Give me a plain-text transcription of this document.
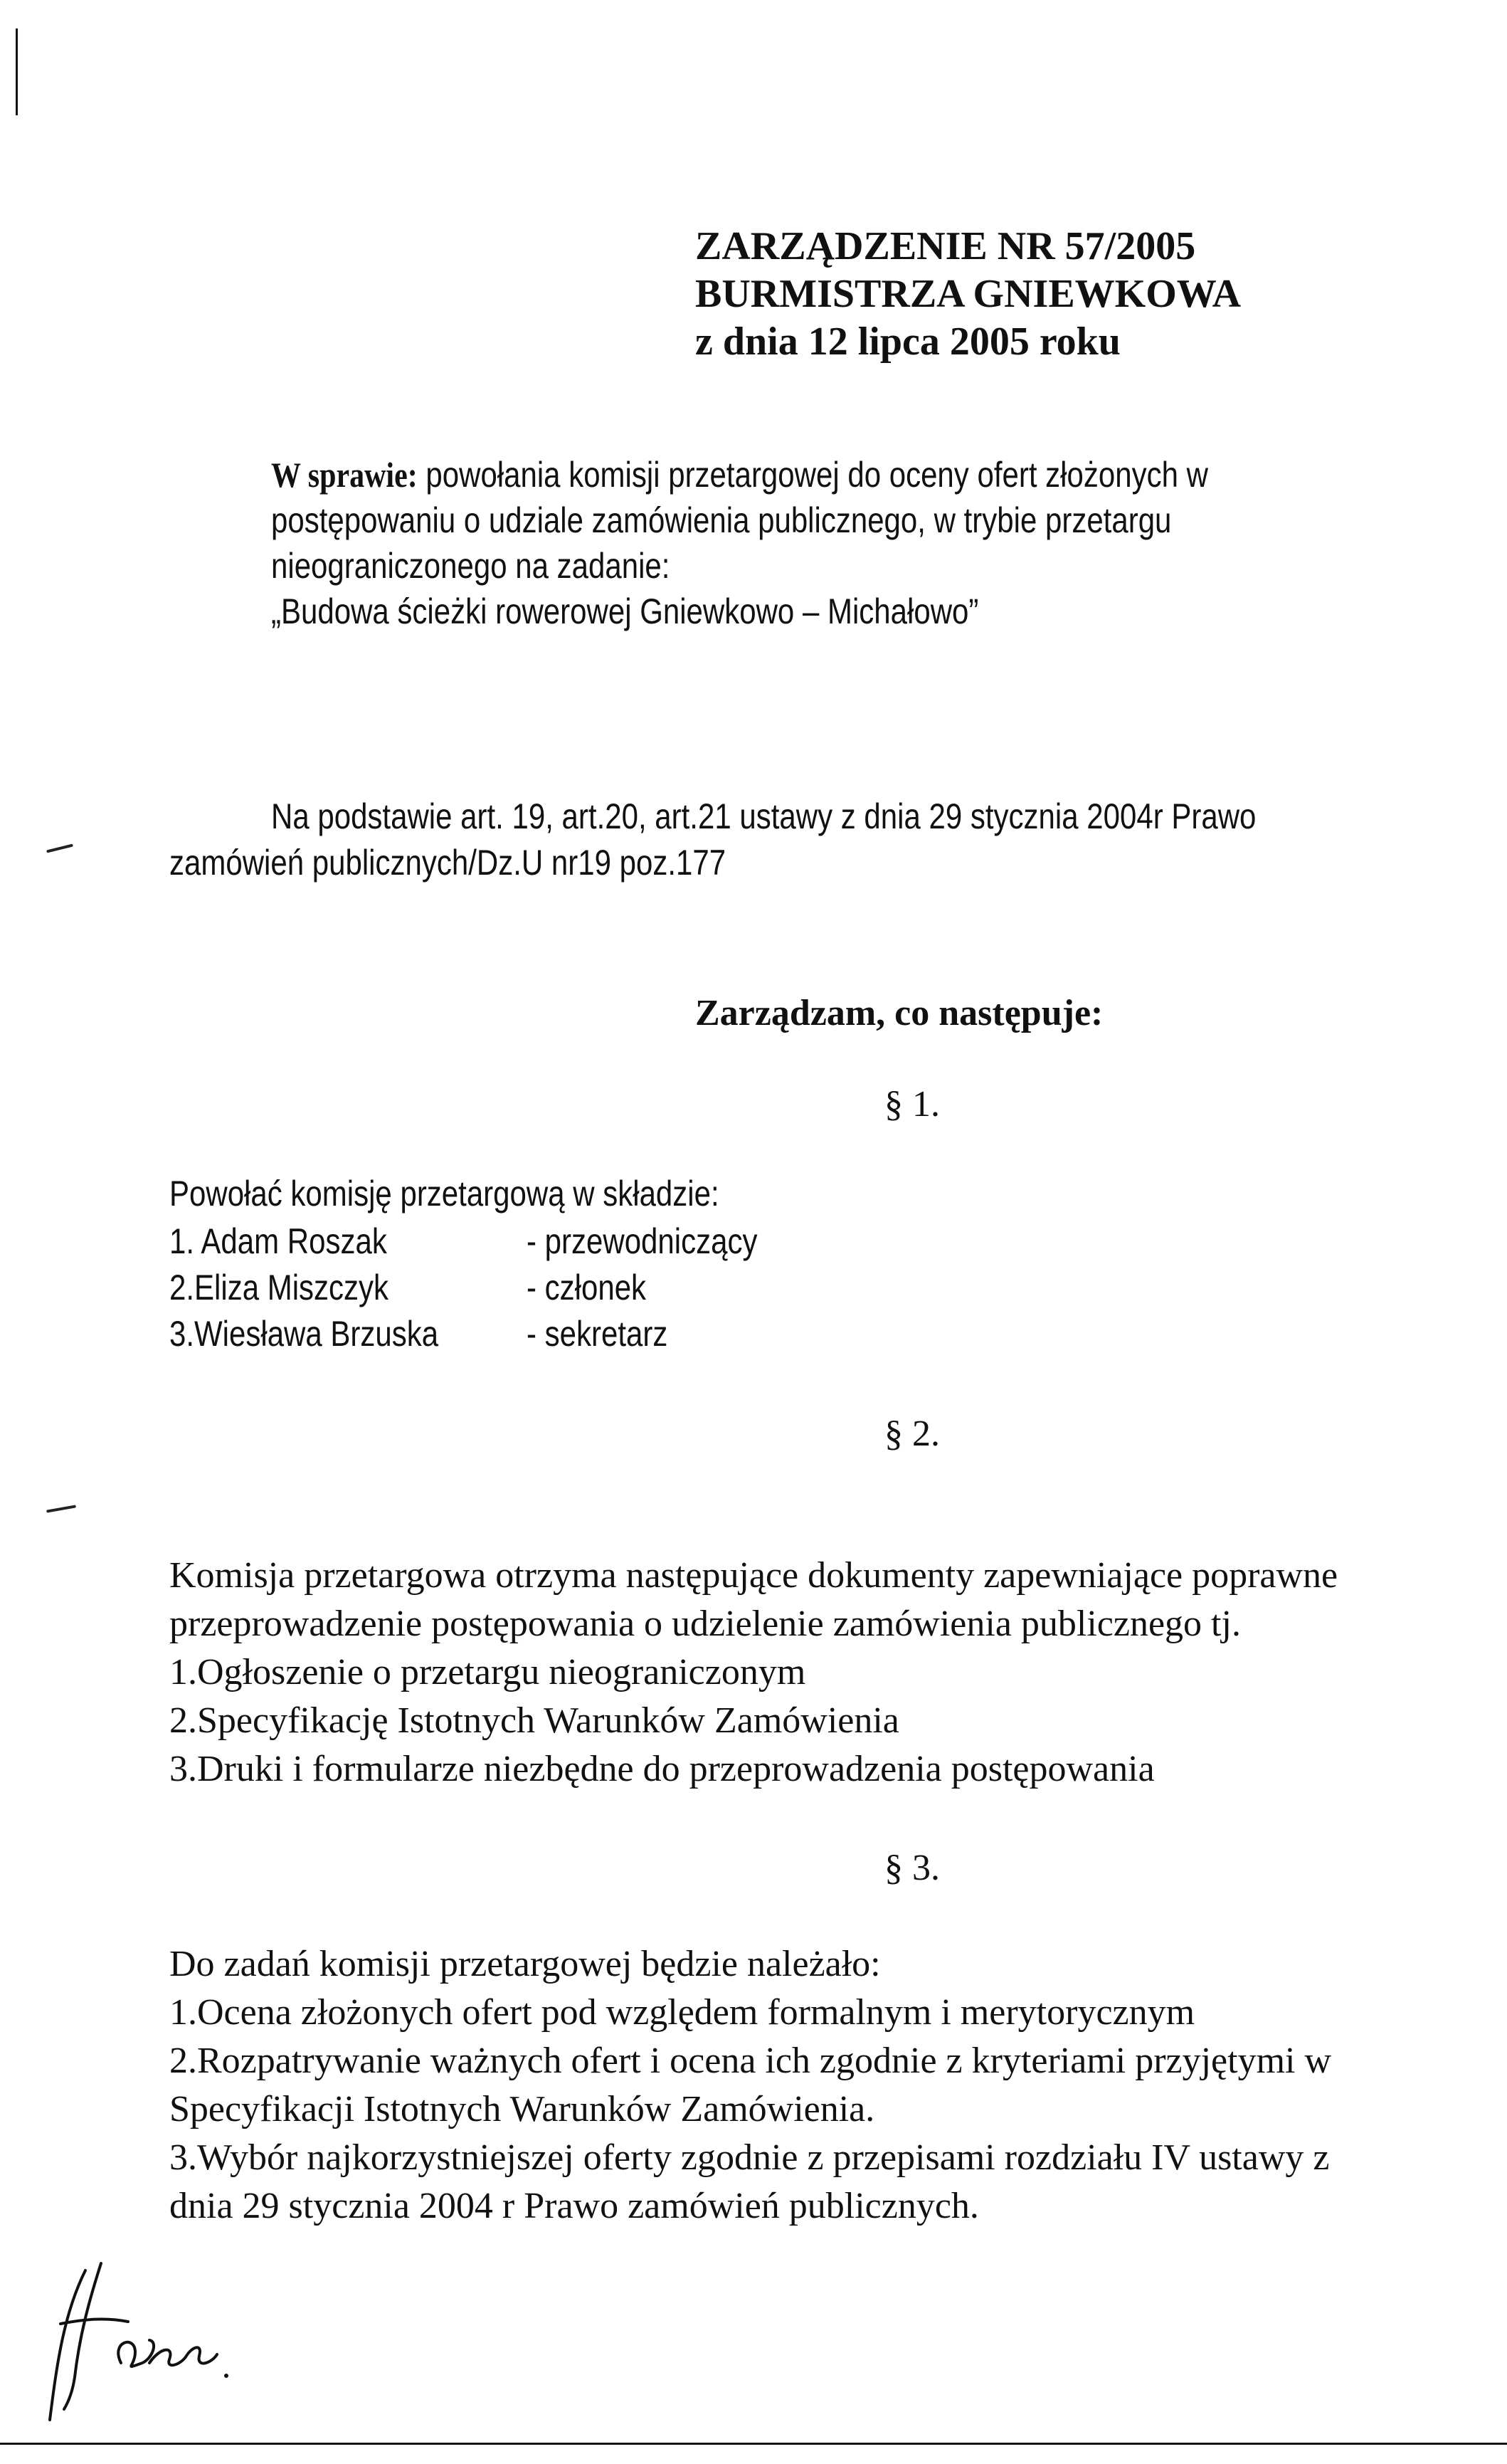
ZARZĄDZENIE NR 57/2005
BURMISTRZA GNIEWKOWA
z dnia 12 lipca 2005 roku
W sprawie: powołania komisji przetargowej do oceny ofert złożonych w
postępowaniu o udziale zamówienia publicznego, w trybie przetargu
nieograniczonego na zadanie:
„Budowa ścieżki rowerowej Gniewkowo – Michałowo”
Na podstawie art. 19, art.20, art.21 ustawy z dnia 29 stycznia 2004r Prawo
zamówień publicznych/Dz.U nr19 poz.177
Zarządzam, co następuje:
§ 1.
Powołać komisję przetargową w składzie:
1. Adam Roszak	- przewodniczący
2.Eliza Miszczyk	- członek
3.Wiesława Brzuska - sekretarz
§ 2.
Komisja przetargowa otrzyma następujące dokumenty zapewniające poprawne
przeprowadzenie postępowania o udzielenie zamówienia publicznego tj.
1.Ogłoszenie o przetargu nieograniczonym
2.Specyfikację Istotnych Warunków Zamówienia
3.Druki i formularze niezbędne do przeprowadzenia postępowania
§ 3.
Do zadań komisji przetargowej będzie należało:
1.Ocena złożonych ofert pod względem formalnym i merytorycznym
2.Rozpatrywanie ważnych ofert i ocena ich zgodnie z kryteriami przyjętymi w
Specyfikacji Istotnych Warunków Zamówienia.
3.Wybór najkorzystniejszej oferty zgodnie z przepisami rozdziału IV ustawy z
dnia 29 stycznia 2004 r Prawo zamówień publicznych.
